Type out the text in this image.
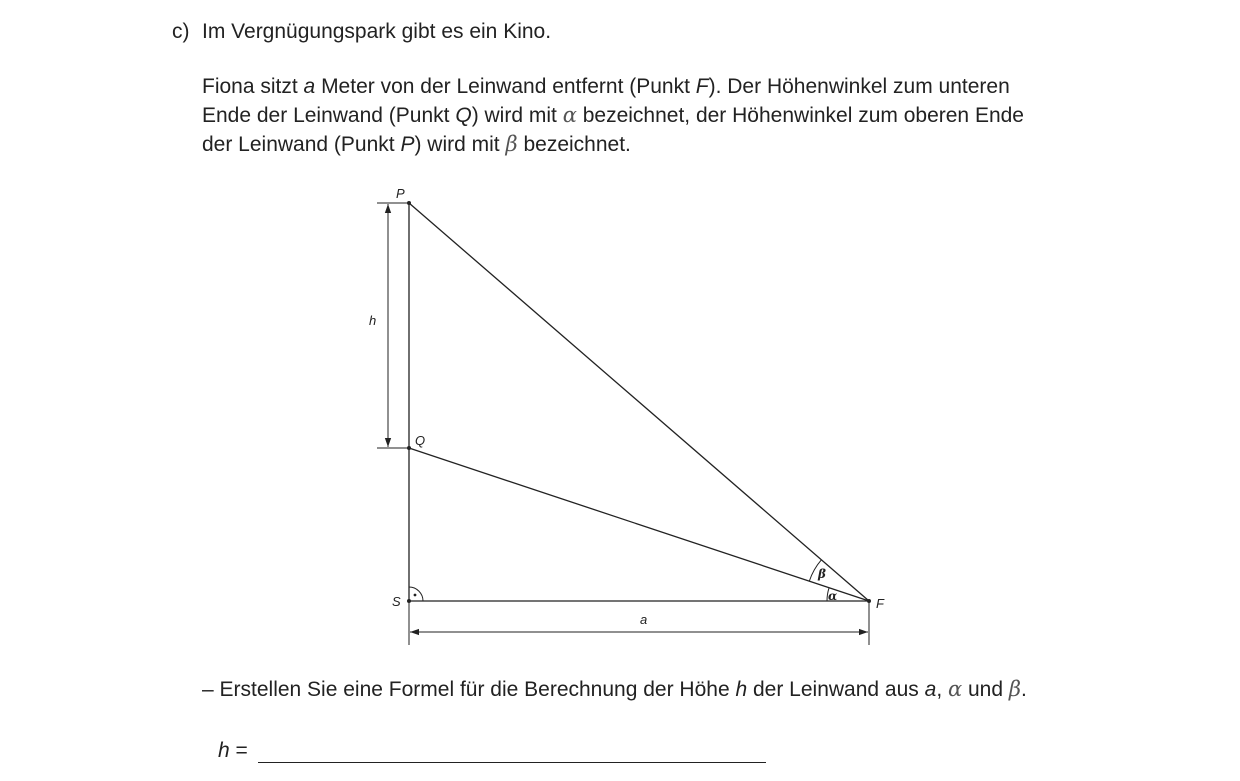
c) Im Vergnügungspark gibt es ein Kino.

Fiona sitzt a Meter von der Leinwand entfernt (Punkt F). Der Höhenwinkel zum unteren

Ende der Leinwand (Punkt Q) wird mit α bezeichnet, der Höhenwinkel zum oberen Ende

der Leinwand (Punkt P) wird mit β bezeichnet.

P
Q
S	F
h
a
α
β
– Erstellen Sie eine Formel für die Berechnung der Höhe h der Leinwand aus a, α und β.
h =
